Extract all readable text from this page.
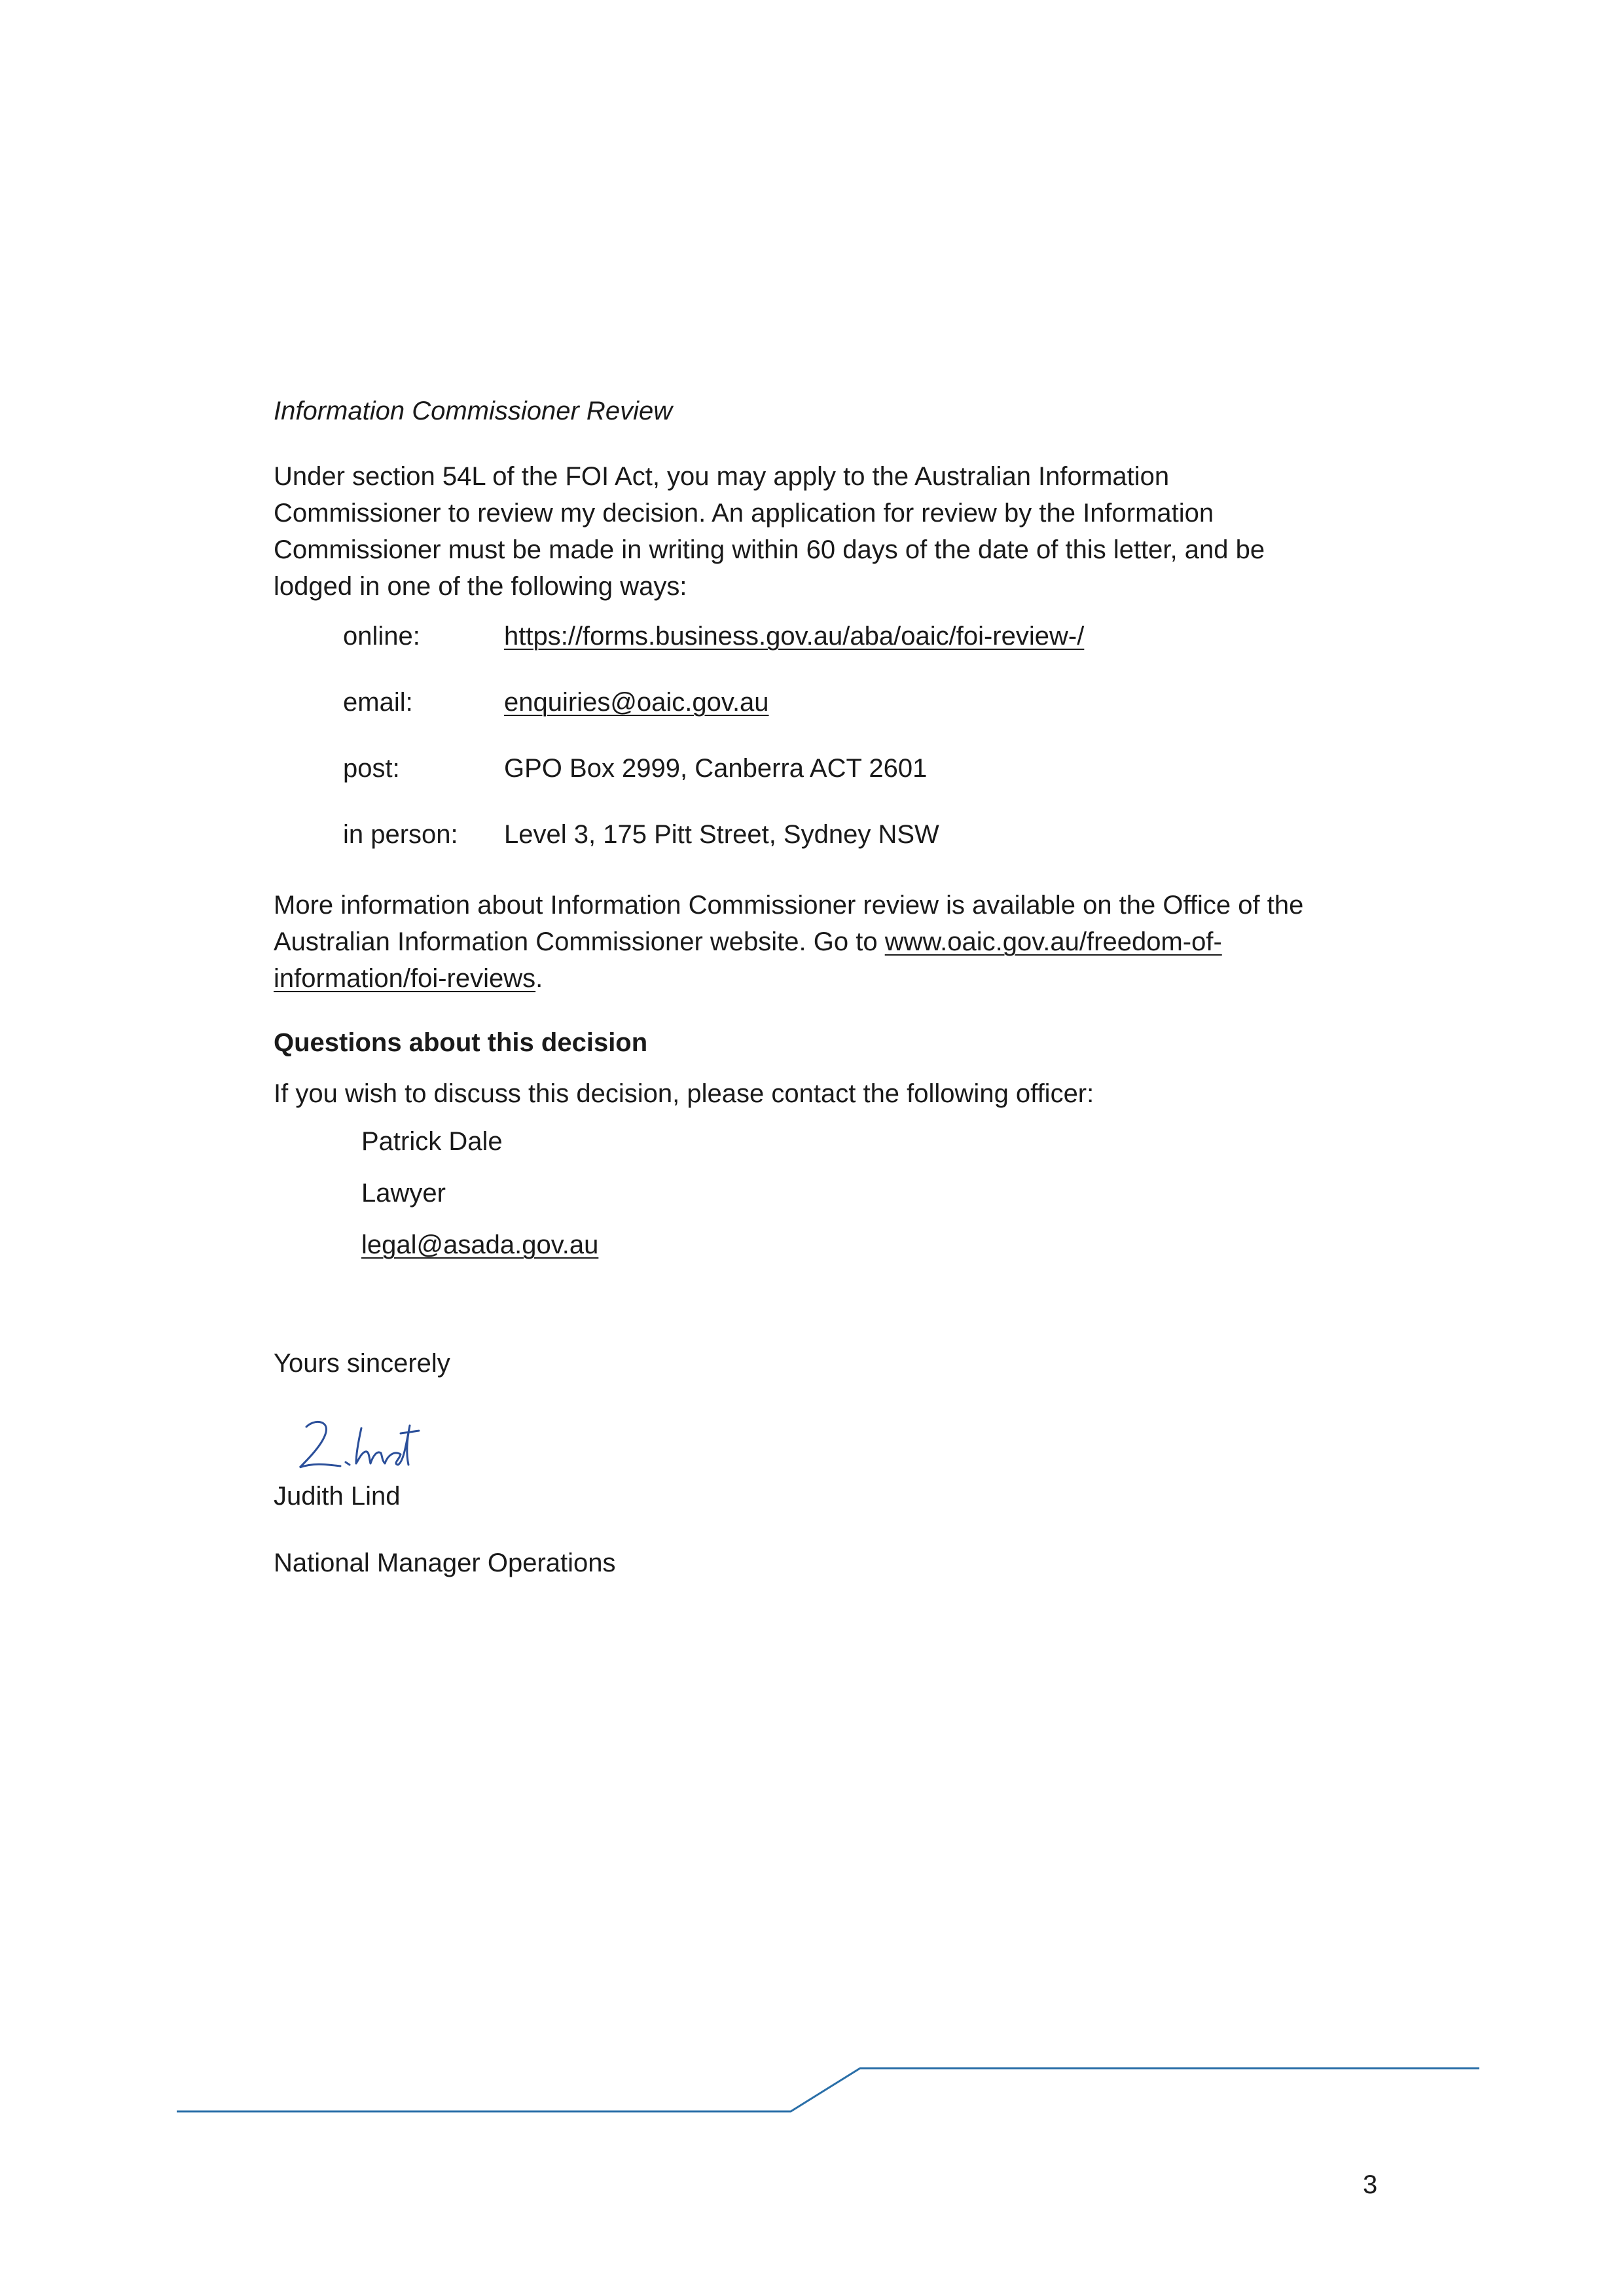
Information Commissioner Review
Under section 54L of the FOI Act, you may apply to the Australian Information
Commissioner to review my decision. An application for review by the Information
Commissioner must be made in writing within 60 days of the date of this letter, and be
lodged in one of the following ways:
online:	https://forms.business.gov.au/aba/oaic/foi-review-/
email:	enquiries@oaic.gov.au
post:	GPO Box 2999, Canberra ACT 2601
in person:	Level 3, 175 Pitt Street, Sydney NSW
More information about Information Commissioner review is available on the Office of the
Australian Information Commissioner website. Go to www.oaic.gov.au/freedom-of-
information/foi-reviews.
Questions about this decision
If you wish to discuss this decision, please contact the following officer:
Patrick Dale
Lawyer
legal@asada.gov.au
Yours sincerely
Judith Lind
National Manager Operations
3
